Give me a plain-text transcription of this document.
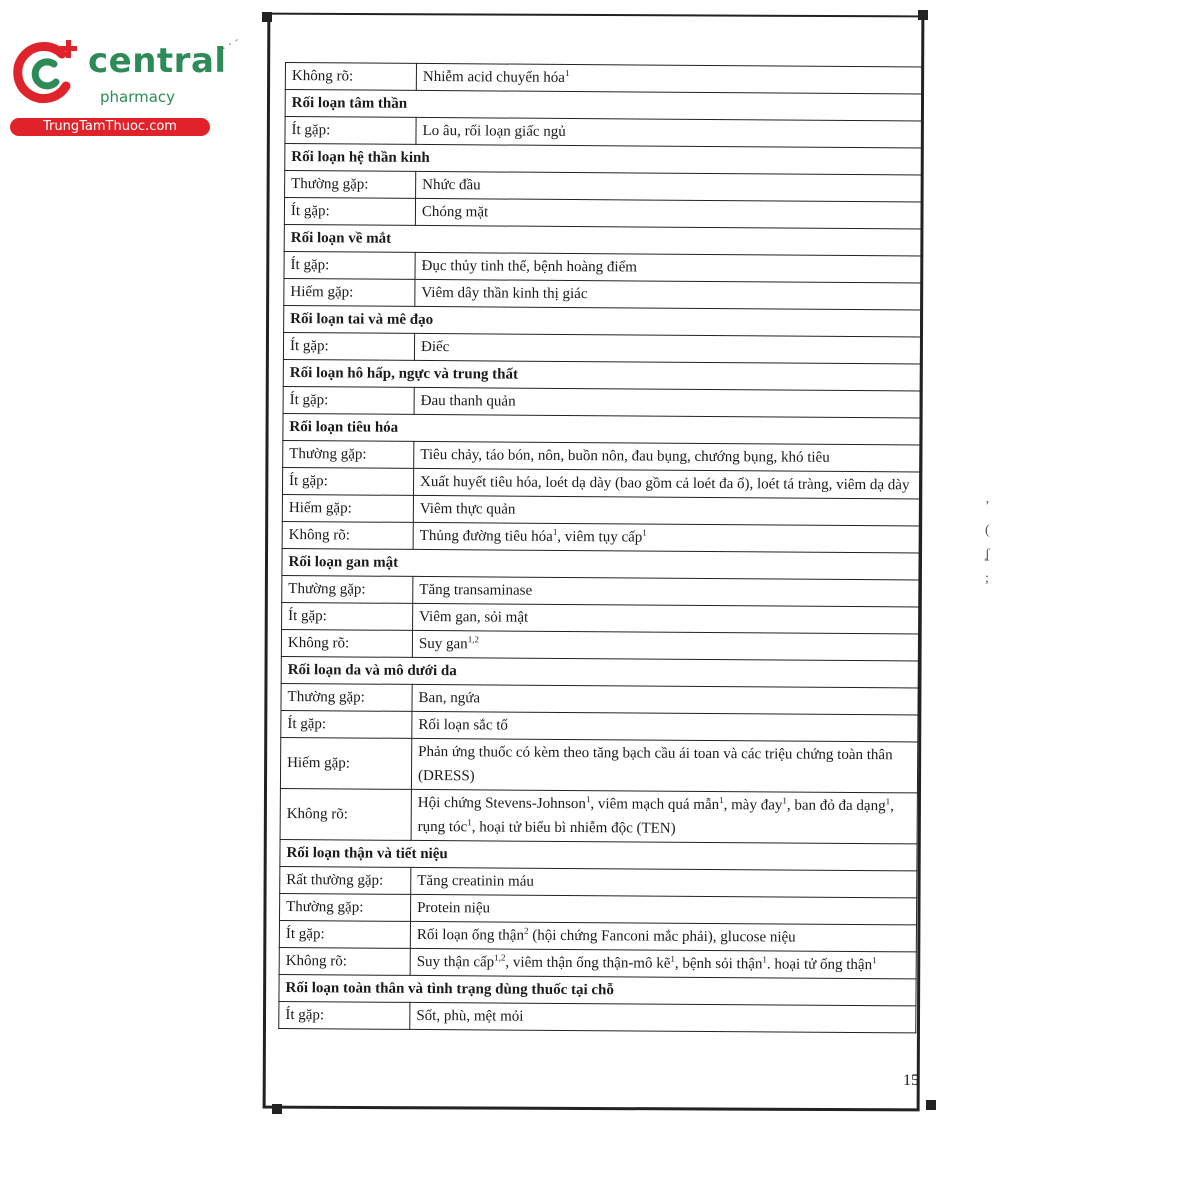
central
pharmacy
TrungTamThuoc.com
.·´
Không rõ:	Nhiễm acid chuyển hóa$^1$
Rối loạn tâm thần	
Ít gặp:	Lo âu, rối loạn giấc ngủ
Rối loạn hệ thần kinh	
Thường gặp:	Nhức đầu
Ít gặp:	Chóng mặt
Rối loạn về mắt	
Ít gặp:	Đục thủy tinh thể, bệnh hoàng điểm
Hiếm gặp:	Viêm dây thần kinh thị giác
Rối loạn tai và mê đạo	
Ít gặp:	Điếc
Rối loạn hô hấp, ngực và trung thất	
Ít gặp:	Đau thanh quản
Rối loạn tiêu hóa	
Thường gặp:	Tiêu chảy, táo bón, nôn, buồn nôn, đau bụng, chướng bụng, khó tiêu
Ít gặp:	Xuất huyết tiêu hóa, loét dạ dày (bao gồm cả loét đa ổ), loét tá tràng, viêm dạ dày
Hiếm gặp:	Viêm thực quản
Không rõ:	Thủng đường tiêu hóa$^1$, viêm tụy cấp$^1$
Rối loạn gan mật	
Thường gặp:	Tăng transaminase
Ít gặp:	Viêm gan, sỏi mật
Không rõ:	Suy gan$^{1,2}$
Rối loạn da và mô dưới da	
Thường gặp:	Ban, ngứa
Ít gặp:	Rối loạn sắc tố
Hiếm gặp:	Phản ứng thuốc có kèm theo tăng bạch cầu ái toan và các triệu chứng toàn thân (DRESS)
Không rõ:	Hội chứng Stevens-Johnson$^1$, viêm mạch quá mẫn$^1$, mày đay$^1$, ban đỏ đa dạng$^1$, rụng tóc$^1$, hoại tử biểu bì nhiễm độc (TEN)
Rối loạn thận và tiết niệu	
Rất thường gặp:	Tăng creatinin máu
Thường gặp:	Protein niệu
Ít gặp:	Rối loạn ống thận$^2$ (hội chứng Fanconi mắc phải), glucose niệu
Không rõ:	Suy thận cấp$^{1,2}$, viêm thận ống thận-mô kẽ$^1$, bệnh sỏi thận$^1$. hoại tử ống thận$^1$
Rối loạn toàn thân và tình trạng dùng thuốc tại chỗ	
Ít gặp:	Sốt, phù, mệt mỏi
15
ʼ
(
ʆ
;
